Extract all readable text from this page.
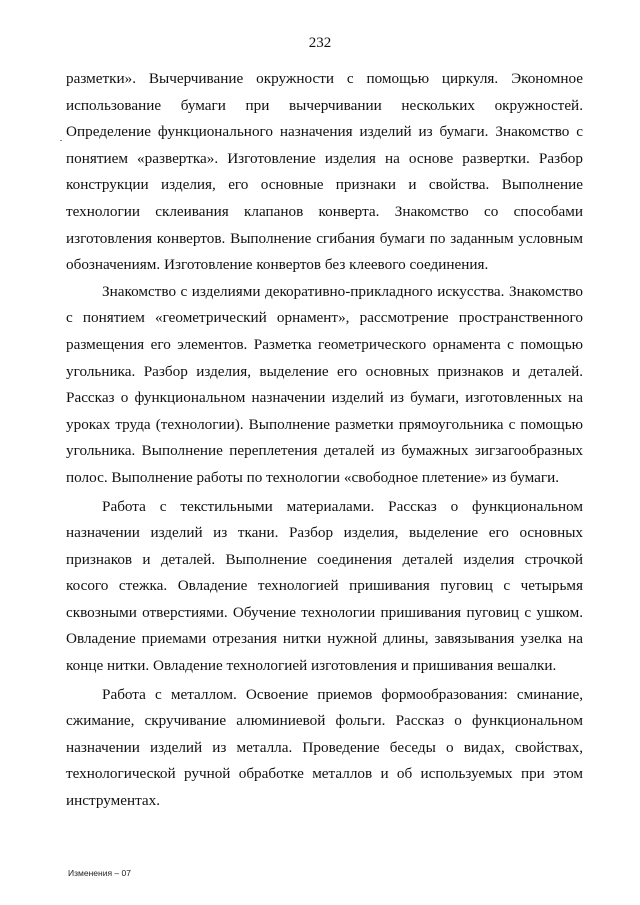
232

разметки». Вычерчивание окружности с помощью циркуля. Экономное использование бумаги при вычерчивании нескольких окружностей. Определение функционального назначения изделий из бумаги. Знакомство с понятием «развертка». Изготовление изделия на основе развертки. Разбор конструкции изделия, его основные признаки и свойства. Выполнение технологии склеивания клапанов конверта. Знакомство со способами изготовления конвертов. Выполнение сгибания бумаги по заданным условным обозначениям. Изготовление конвертов без клеевого соединения.

Знакомство с изделиями декоративно-прикладного искусства. Знакомство с понятием «геометрический орнамент», рассмотрение пространственного размещения его элементов. Разметка геометрического орнамента с помощью угольника. Разбор изделия, выделение его основных признаков и деталей. Рассказ о функциональном назначении изделий из бумаги, изготовленных на уроках труда (технологии). Выполнение разметки прямоугольника с помощью угольника. Выполнение переплетения деталей из бумажных зигзагообразных полос. Выполнение работы по технологии «свободное плетение» из бумаги.

Работа с текстильными материалами. Рассказ о функциональном назначении изделий из ткани. Разбор изделия, выделение его основных признаков и деталей. Выполнение соединения деталей изделия строчкой косого стежка. Овладение технологией пришивания пуговиц с четырьмя сквозными отверстиями. Обучение технологии пришивания пуговиц с ушком. Овладение приемами отрезания нитки нужной длины, завязывания узелка на конце нитки. Овладение технологией изготовления и пришивания вешалки.

Работа с металлом. Освоение приемов формообразования: сминание, сжимание, скручивание алюминиевой фольги. Рассказ о функциональном назначении изделий из металла. Проведение беседы о видах, свойствах, технологической ручной обработке металлов и об используемых при этом инструментах.

Изменения – 07
